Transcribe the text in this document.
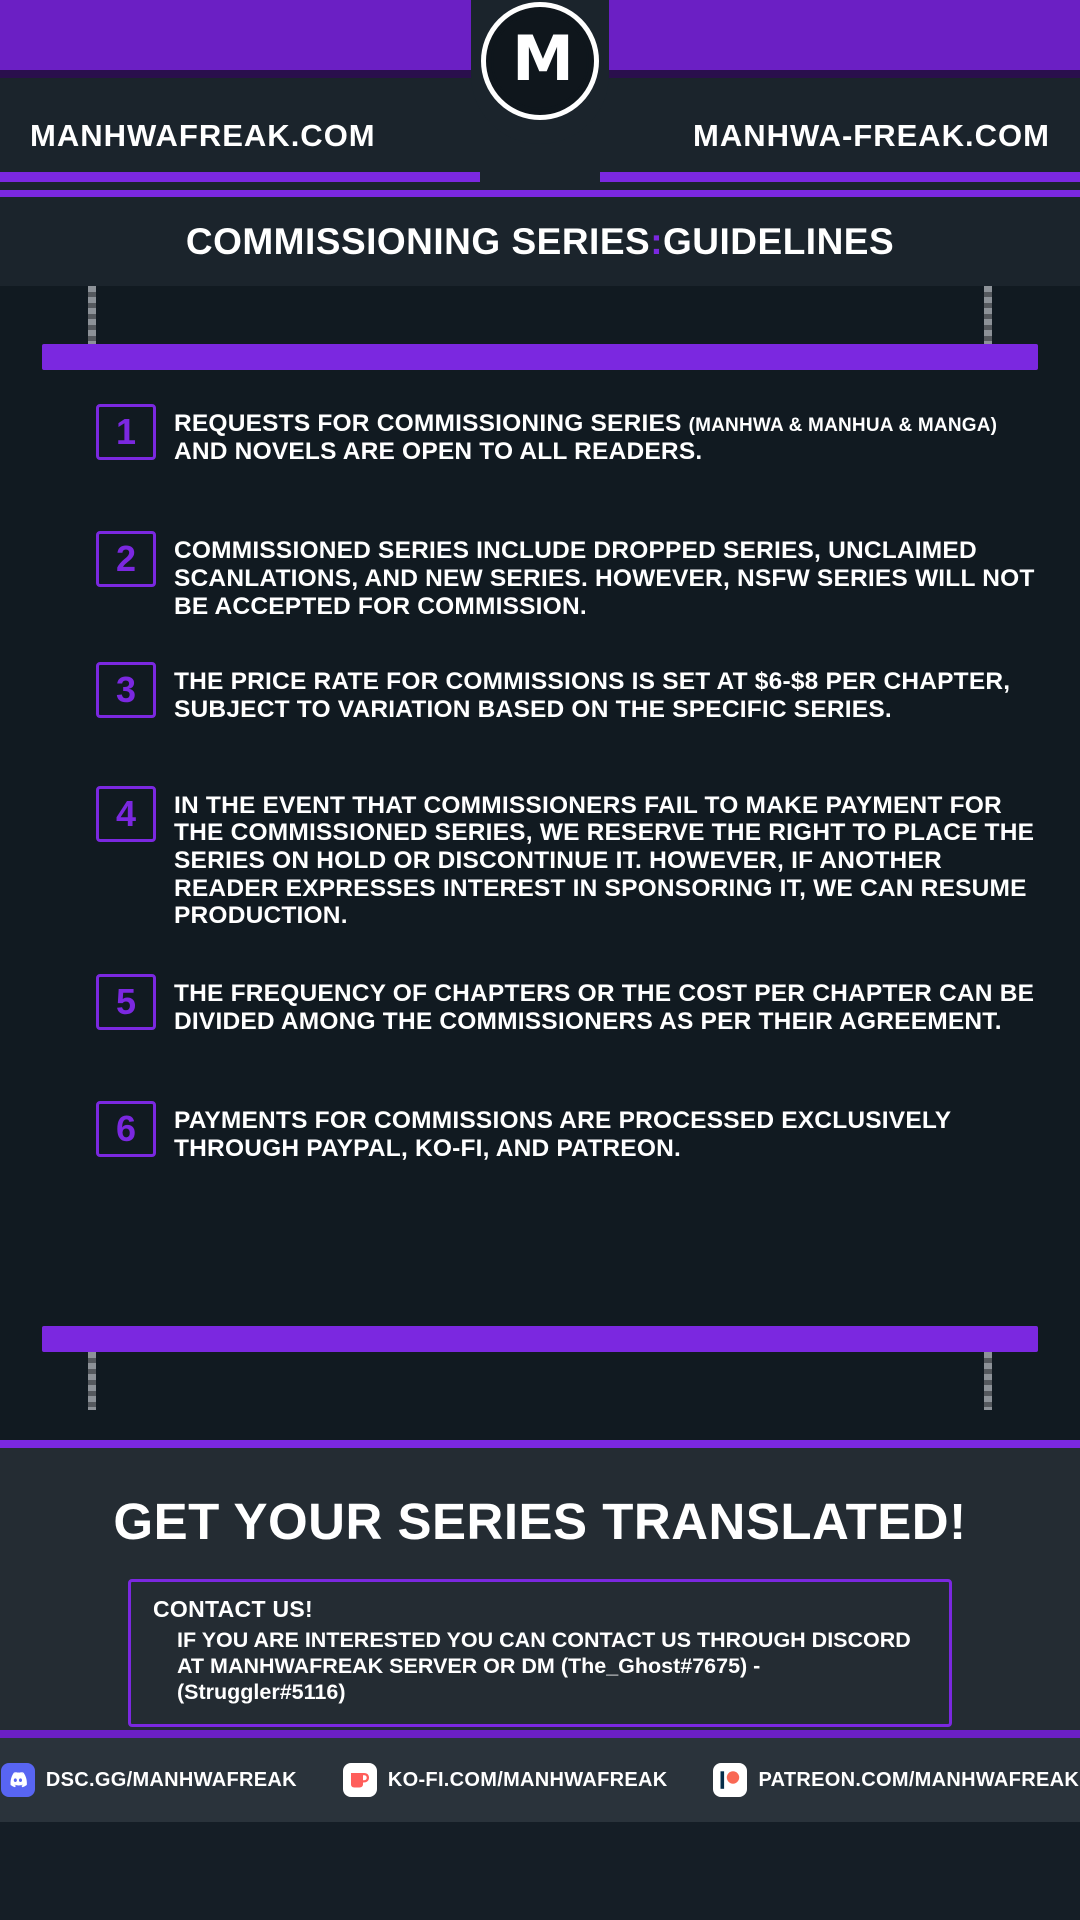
MANHWAFREAK.COM	MANHWA-FREAK.COM
M
COMMISSIONING SERIES:GUIDELINES
1	REQUESTS FOR COMMISSIONING SERIES (MANHWA & MANHUA & MANGA) AND NOVELS ARE OPEN TO ALL READERS.
2	COMMISSIONED SERIES INCLUDE DROPPED SERIES, UNCLAIMED SCANLATIONS, AND NEW SERIES. HOWEVER, NSFW SERIES WILL NOT BE ACCEPTED FOR COMMISSION.
3	THE PRICE RATE FOR COMMISSIONS IS SET AT $6-$8 PER CHAPTER, SUBJECT TO VARIATION BASED ON THE SPECIFIC SERIES.
4	IN THE EVENT THAT COMMISSIONERS FAIL TO MAKE PAYMENT FOR THE COMMISSIONED SERIES, WE RESERVE THE RIGHT TO PLACE THE SERIES ON HOLD OR DISCONTINUE IT. HOWEVER, IF ANOTHER READER EXPRESSES INTEREST IN SPONSORING IT, WE CAN RESUME PRODUCTION.
5	THE FREQUENCY OF CHAPTERS OR THE COST PER CHAPTER CAN BE DIVIDED AMONG THE COMMISSIONERS AS PER THEIR AGREEMENT.
6	PAYMENTS FOR COMMISSIONS ARE PROCESSED EXCLUSIVELY THROUGH PAYPAL, KO-FI, AND PATREON.
GET YOUR SERIES TRANSLATED!
CONTACT US!
IF YOU ARE INTERESTED YOU CAN CONTACT US THROUGH DISCORD AT MANHWAFREAK SERVER OR DM (The_Ghost#7675) - (Struggler#5116)
DSC.GG/MANHWAFREAK	KO-FI.COM/MANHWAFREAK	PATREON.COM/MANHWAFREAK
